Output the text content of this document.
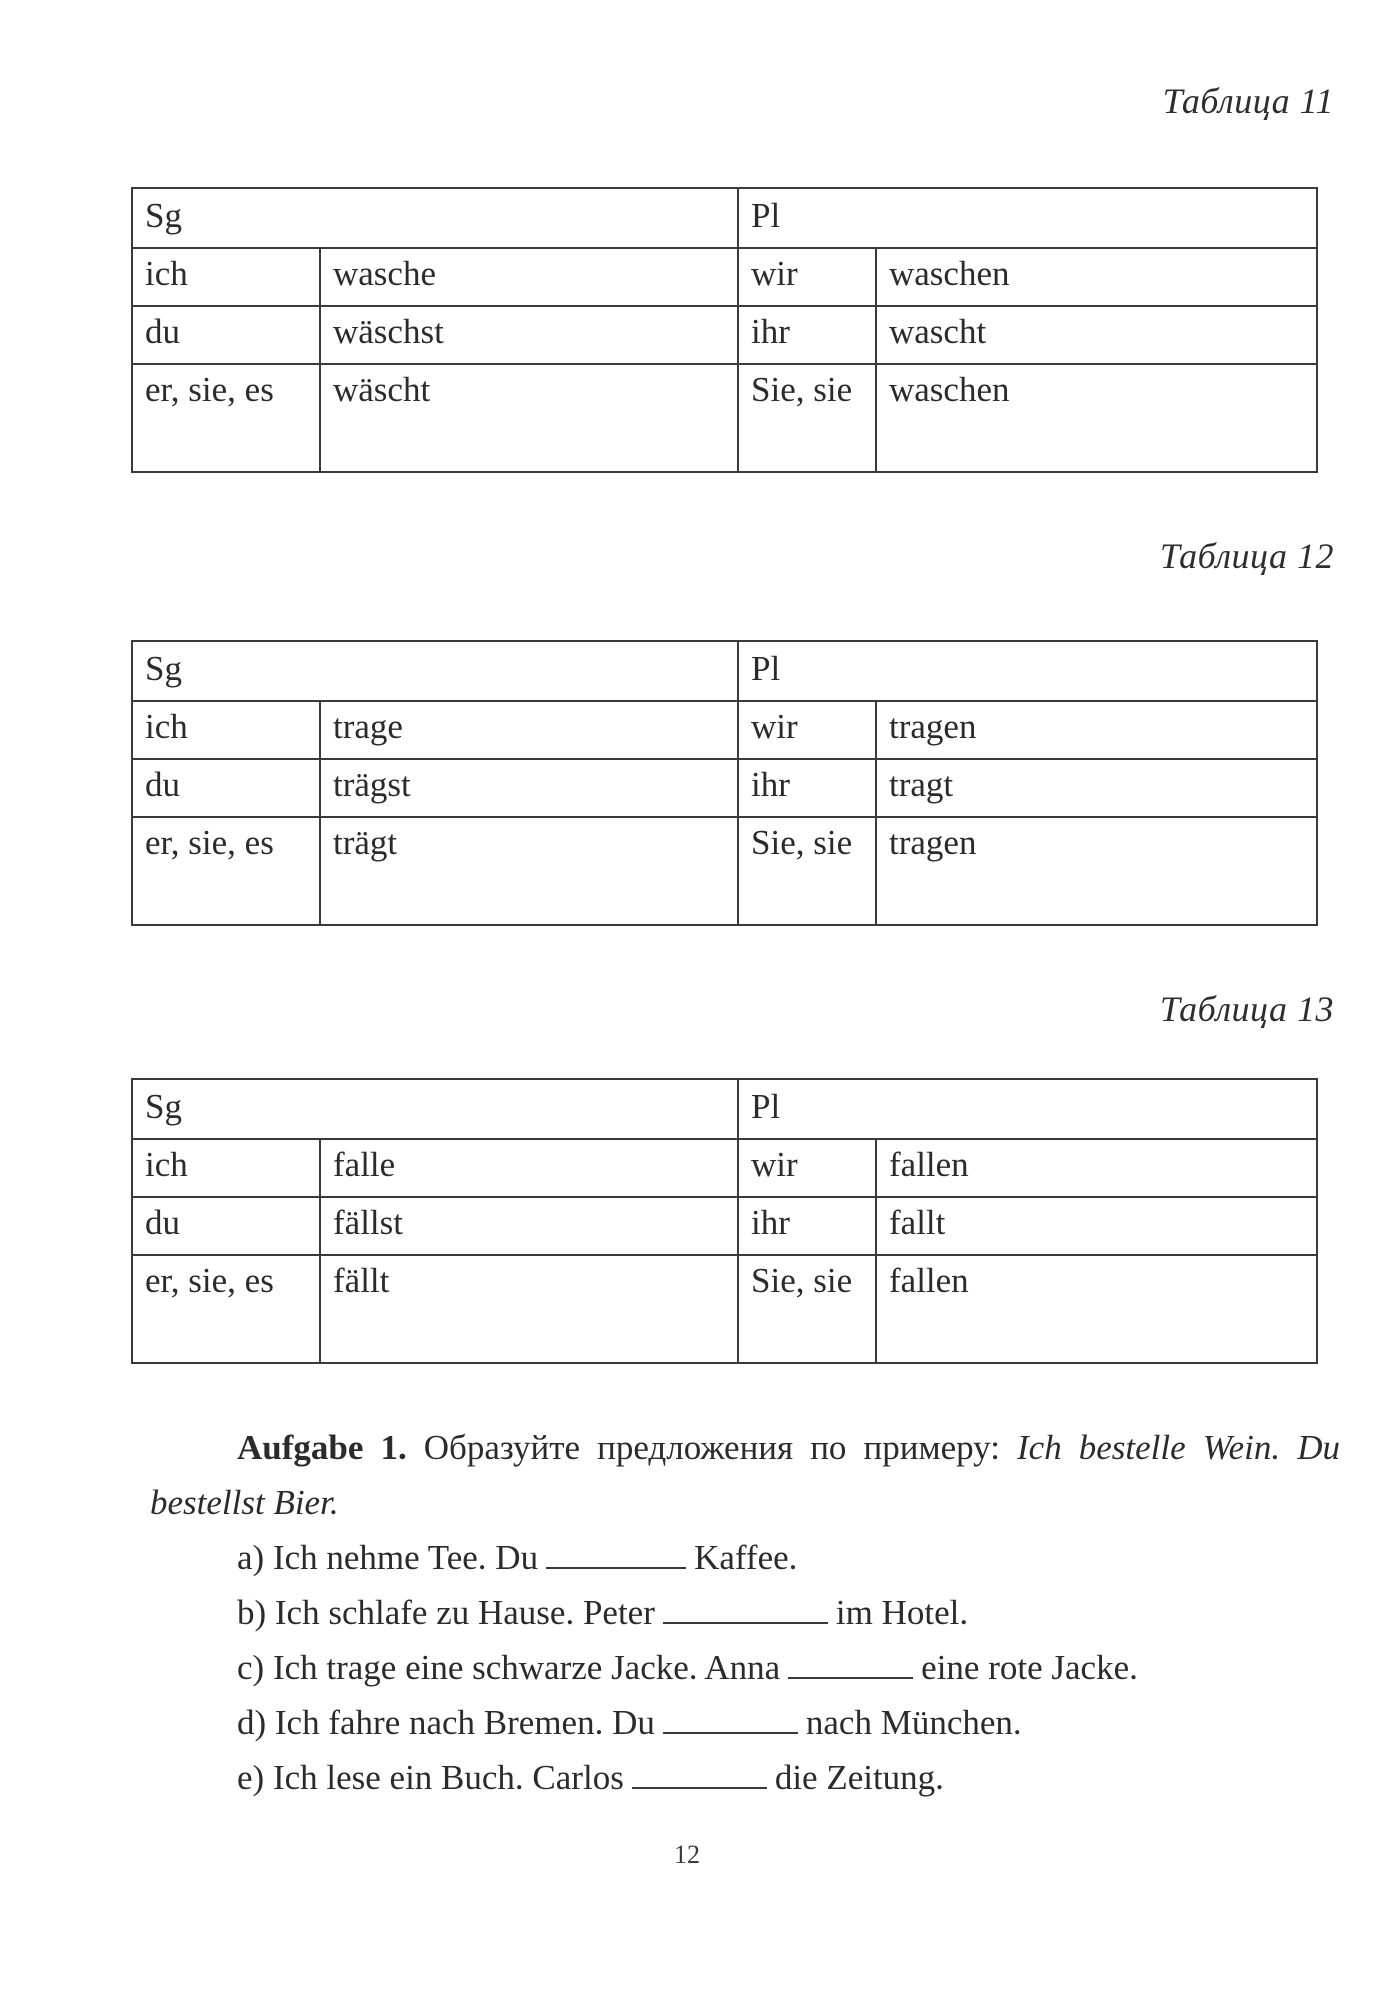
Таблица 11
Sg		Pl	
ich	wasche	wir	waschen
du	wäschst	ihr	wascht
er, sie, es	wäscht	Sie, sie	waschen
Таблица 12
Sg		Pl	
ich	trage	wir	tragen
du	trägst	ihr	tragt
er, sie, es	trägt	Sie, sie	tragen
Таблица 13
Sg		Pl	
ich	falle	wir	fallen
du	fällst	ihr	fallt
er, sie, es	fällt	Sie, sie	fallen

Aufgabe 1. Образуйте предложения по примеру: Ich bestelle Wein. Du bestellst Bier.

a) Ich nehme Tee. Du	Kaffee.
b) Ich schlafe zu Hause. Peter	im Hotel.
c) Ich trage eine schwarze Jacke. Anna	eine rote Jacke.
d) Ich fahre nach Bremen. Du	nach München.
e) Ich lese ein Buch. Carlos	die Zeitung.
12
